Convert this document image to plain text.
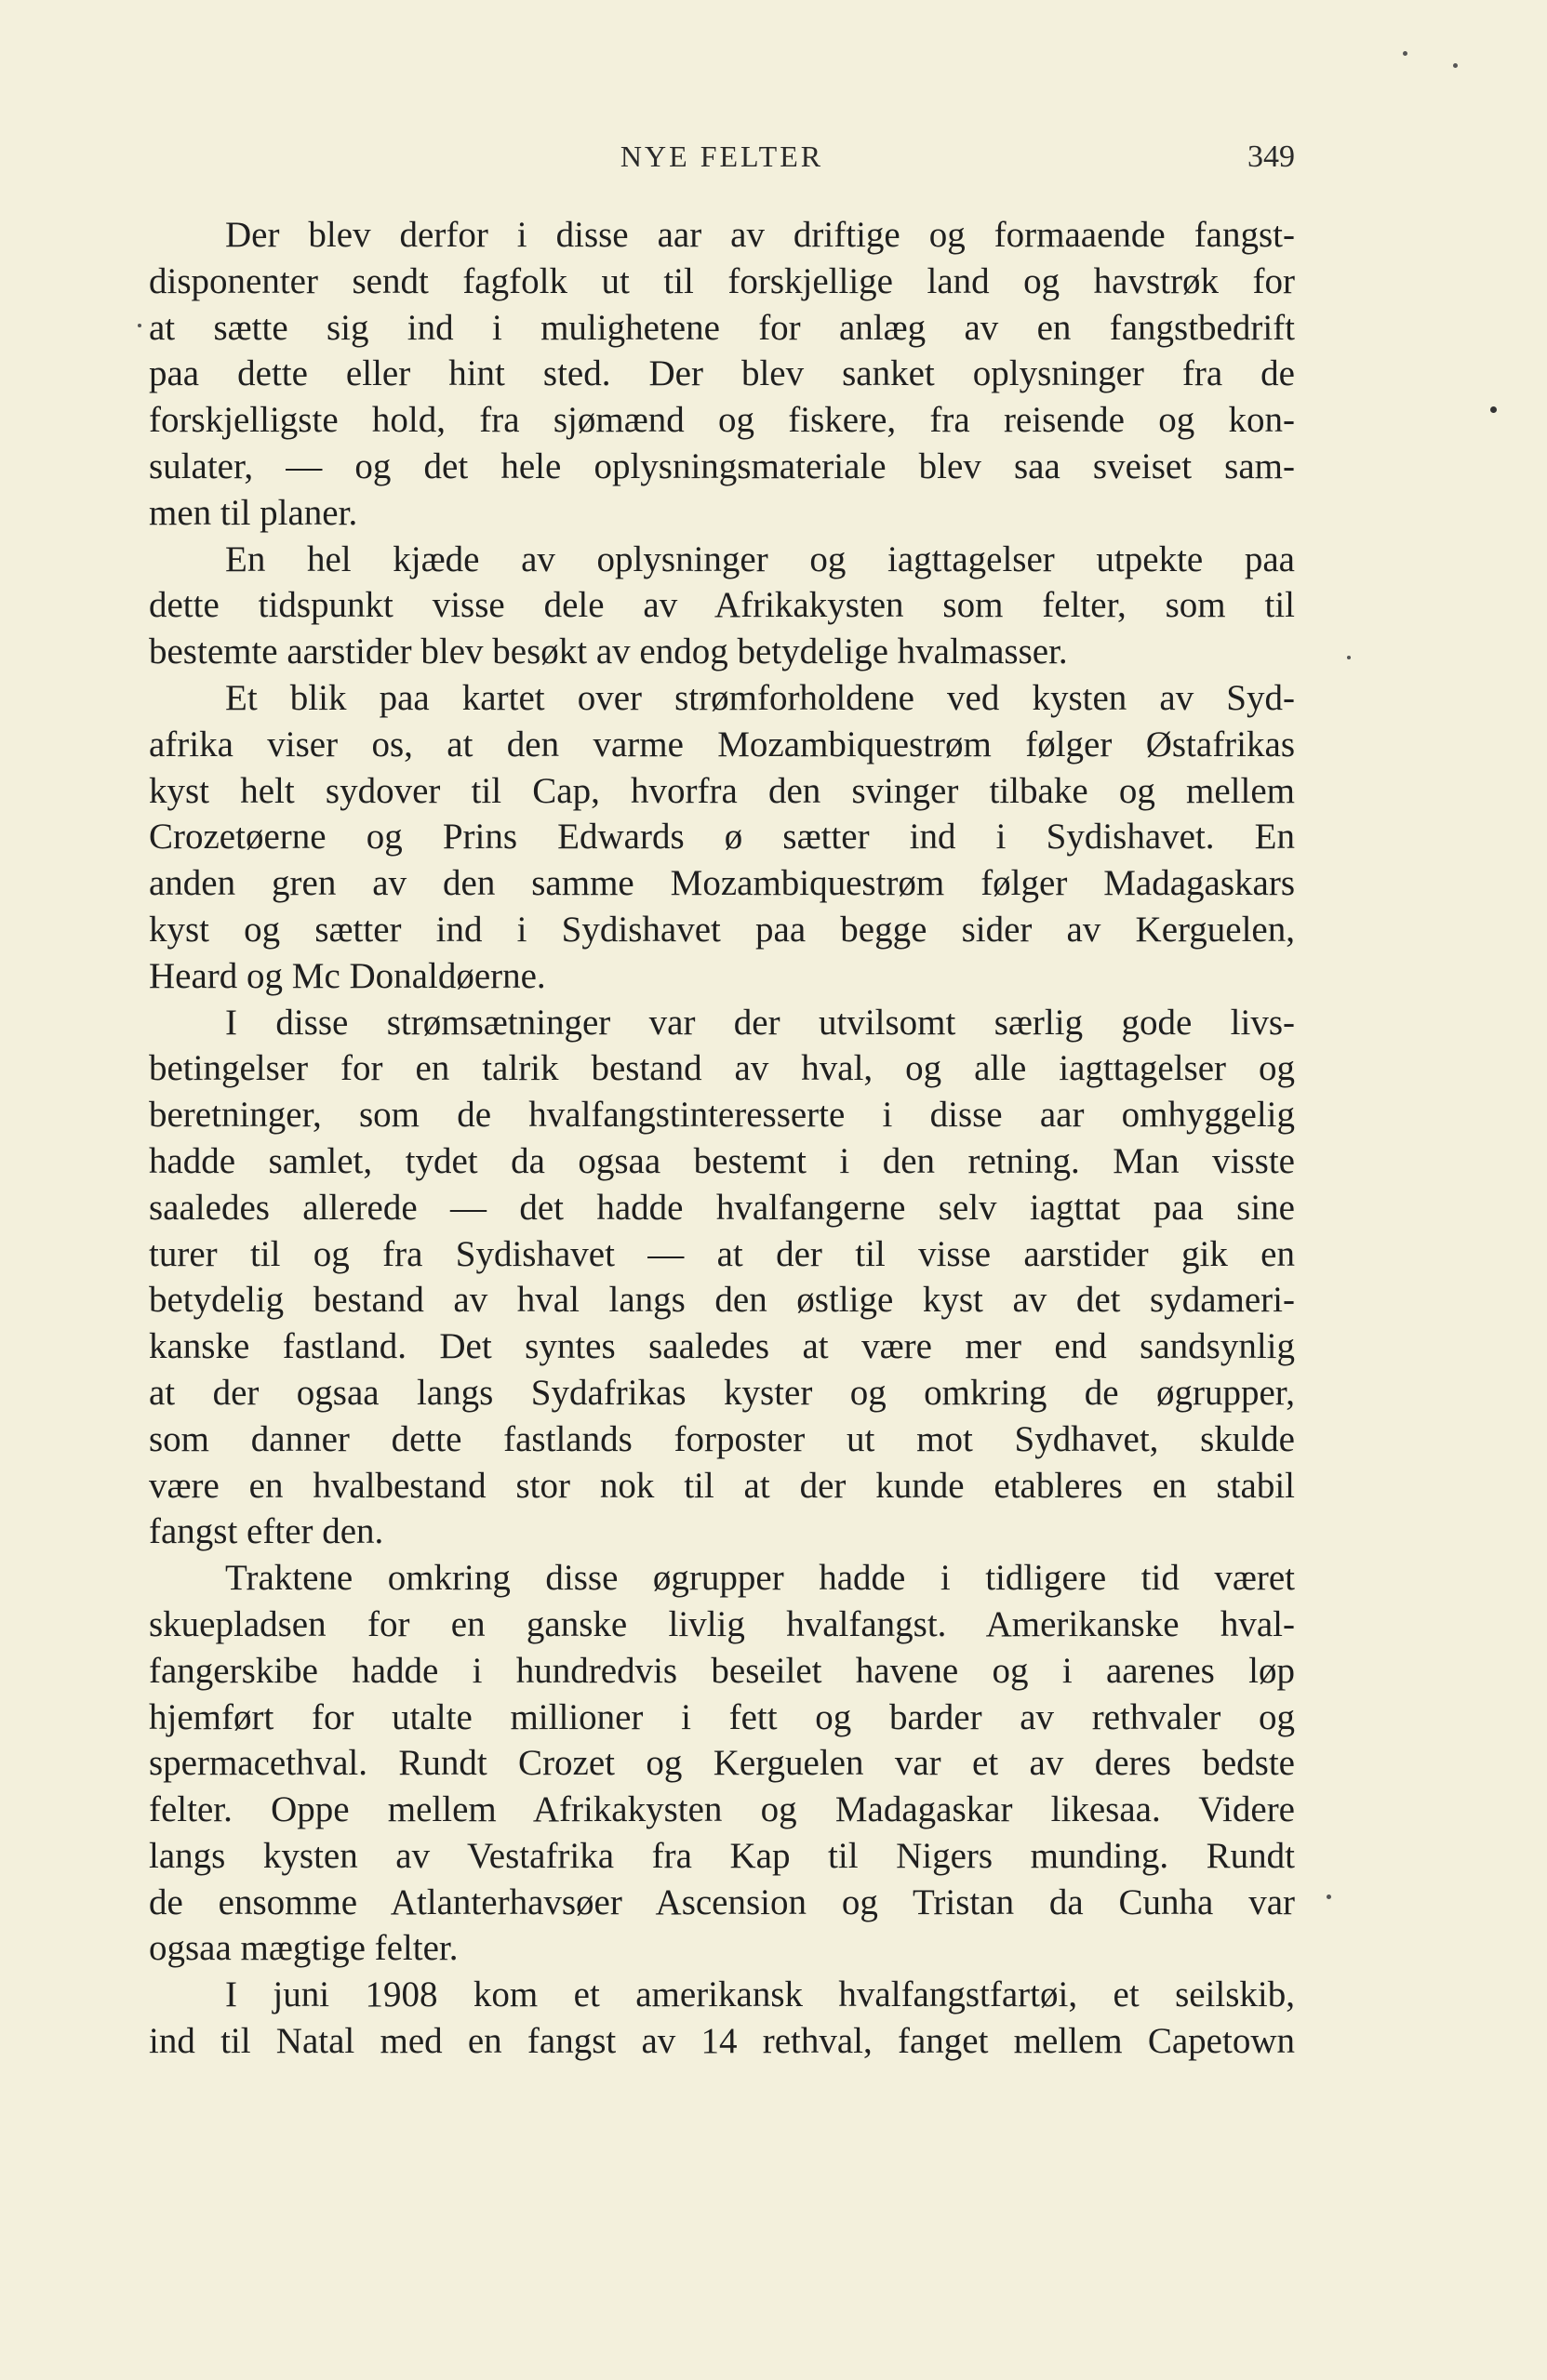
NYE FELTER	349
Der blev derfor i disse aar av driftige og formaaende fangst-
disponenter sendt fagfolk ut til forskjellige land og havstrøk for
at sætte sig ind i mulighetene for anlæg av en fangstbedrift
paa dette eller hint sted. Der blev sanket oplysninger fra de
forskjelligste hold, fra sjømænd og fiskere, fra reisende og kon-
sulater, — og det hele oplysningsmateriale blev saa sveiset sam-
men til planer.
En hel kjæde av oplysninger og iagttagelser utpekte paa
dette tidspunkt visse dele av Afrikakysten som felter, som til
bestemte aarstider blev besøkt av endog betydelige hvalmasser.
Et blik paa kartet over strømforholdene ved kysten av Syd-
afrika viser os, at den varme Mozambiquestrøm følger Østafrikas
kyst helt sydover til Cap, hvorfra den svinger tilbake og mellem
Crozetøerne og Prins Edwards ø sætter ind i Sydishavet. En
anden gren av den samme Mozambiquestrøm følger Madagaskars
kyst og sætter ind i Sydishavet paa begge sider av Kerguelen,
Heard og Mc Donaldøerne.
I disse strømsætninger var der utvilsomt særlig gode livs-
betingelser for en talrik bestand av hval, og alle iagttagelser og
beretninger, som de hvalfangstinteresserte i disse aar omhyggelig
hadde samlet, tydet da ogsaa bestemt i den retning. Man visste
saaledes allerede — det hadde hvalfangerne selv iagttat paa sine
turer til og fra Sydishavet — at der til visse aarstider gik en
betydelig bestand av hval langs den østlige kyst av det sydameri-
kanske fastland. Det syntes saaledes at være mer end sandsynlig
at der ogsaa langs Sydafrikas kyster og omkring de øgrupper,
som danner dette fastlands forposter ut mot Sydhavet, skulde
være en hvalbestand stor nok til at der kunde etableres en stabil
fangst efter den.
Traktene omkring disse øgrupper hadde i tidligere tid været
skuepladsen for en ganske livlig hvalfangst. Amerikanske hval-
fangerskibe hadde i hundredvis beseilet havene og i aarenes løp
hjemført for utalte millioner i fett og barder av rethvaler og
spermacethval. Rundt Crozet og Kerguelen var et av deres bedste
felter. Oppe mellem Afrikakysten og Madagaskar likesaa. Videre
langs kysten av Vestafrika fra Kap til Nigers munding. Rundt
de ensomme Atlanterhavsøer Ascension og Tristan da Cunha var
ogsaa mægtige felter.
I juni 1908 kom et amerikansk hvalfangstfartøi, et seilskib,
ind til Natal med en fangst av 14 rethval, fanget mellem Capetown
